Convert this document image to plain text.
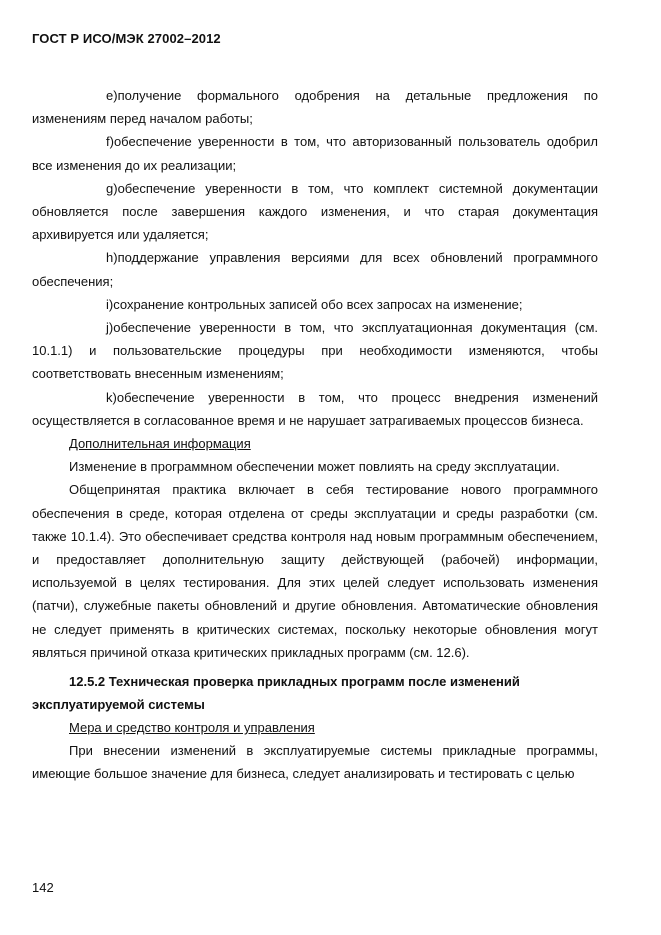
ГОСТ Р ИСО/МЭК 27002–2012

e)получение формального одобрения на детальные предложения по изменениям перед началом работы;

f)обеспечение уверенности в том, что авторизованный пользователь одобрил все изменения до их реализации;

g)обеспечение уверенности в том, что комплект системной документации обновляется после завершения каждого изменения, и что старая документация архивируется или удаляется;

h)поддержание управления версиями для всех обновлений программного обеспечения;

i)сохранение контрольных записей обо всех запросах на изменение;

j)обеспечение уверенности в том, что эксплуатационная документация (см. 10.1.1) и пользовательские процедуры при необходимости изменяются, чтобы соответствовать внесенным изменениям;

k)обеспечение уверенности в том, что процесс внедрения изменений осуществляется в согласованное время и не нарушает затрагиваемых процессов бизнеса.

Дополнительная информация

Изменение в программном обеспечении может повлиять на среду эксплуатации.

Общепринятая практика включает в себя тестирование нового программного обеспечения в среде, которая отделена от среды эксплуатации и среды разработки (см. также 10.1.4). Это обеспечивает средства контроля над новым программным обеспечением, и предоставляет дополнительную защиту действующей (рабочей) информации, используемой в целях тестирования. Для этих целей следует использовать изменения (патчи), служебные пакеты обновлений и другие обновления. Автоматические обновления не следует применять в критических системах, поскольку некоторые обновления могут являться причиной отказа критических прикладных программ (см. 12.6).

12.5.2 Техническая проверка прикладных программ после изменений эксплуатируемой системы

Мера и средство контроля и управления

При внесении изменений в эксплуатируемые системы прикладные программы, имеющие большое значение для бизнеса, следует анализировать и тестировать с целью

142
